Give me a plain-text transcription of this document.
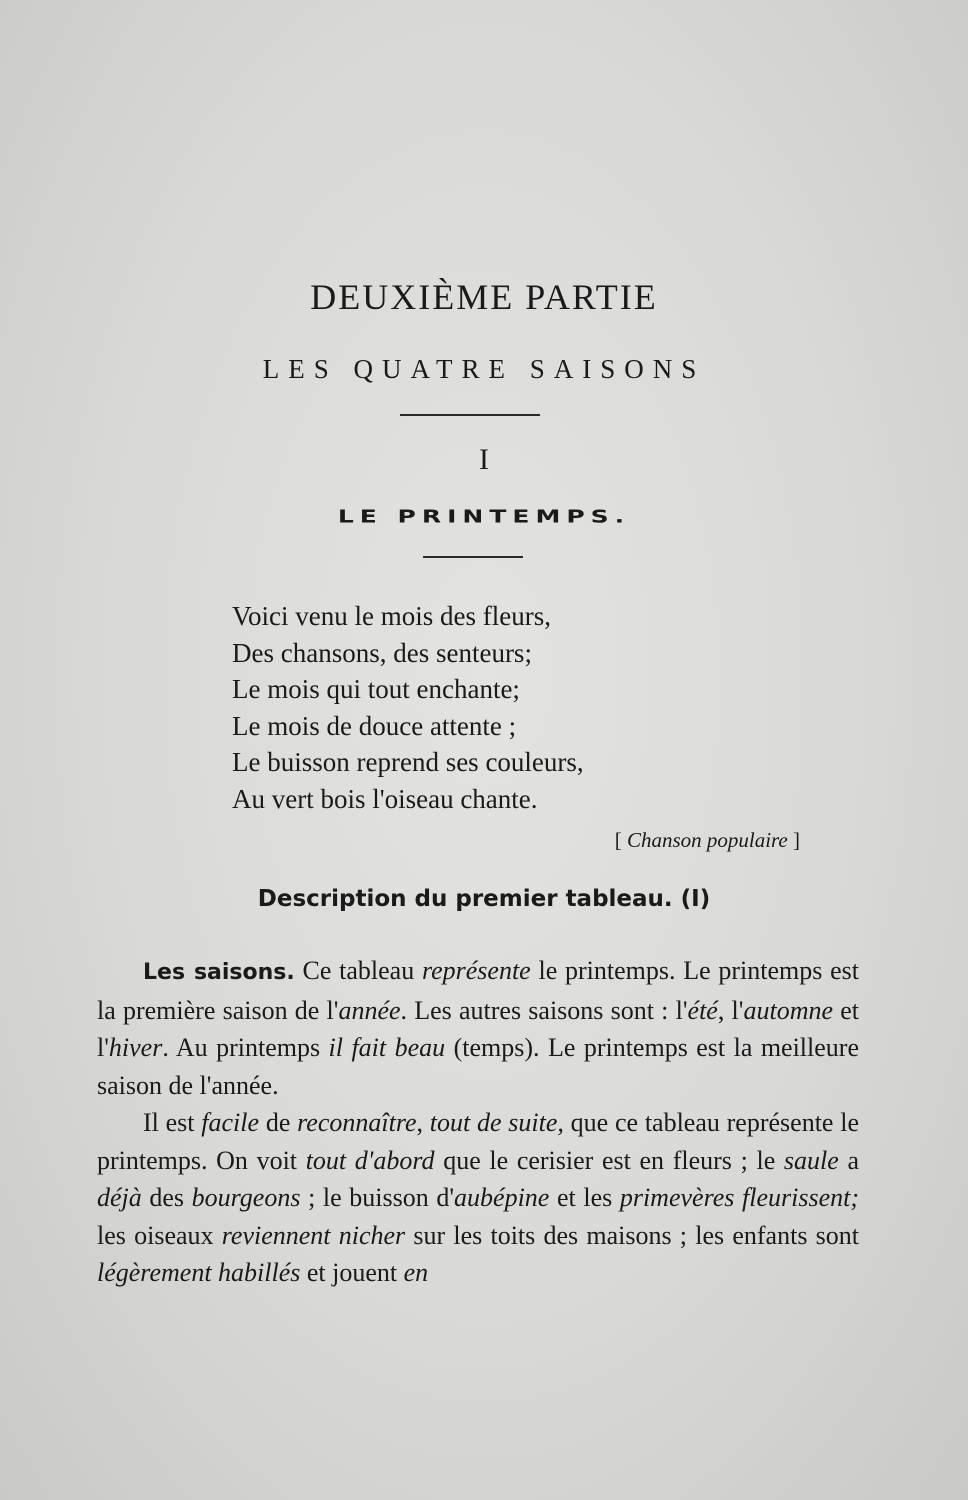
DEUXIÈME PARTIE
LES QUATRE SAISONS
I
LE PRINTEMPS.
Voici venu le mois des fleurs,
Des chansons, des senteurs;
Le mois qui tout enchante;
Le mois de douce attente ;
Le buisson reprend ses couleurs,
Au vert bois l'oiseau chante.
[ Chanson populaire ]
Description du premier tableau. (I)

Les saisons. Ce tableau représente le printemps. Le printemps est la première saison de l'année. Les autres saisons sont : l'été, l'automne et l'hiver. Au printemps il fait beau (temps). Le printemps est la meilleure saison de l'année.

Il est facile de reconnaître, tout de suite, que ce tableau représente le printemps. On voit tout d'abord que le cerisier est en fleurs ; le saule a déjà des bourgeons ; le buisson d'aubépine et les primevères fleurissent; les oiseaux reviennent nicher sur les toits des maisons ; les enfants sont légèrement habillés et jouent en
